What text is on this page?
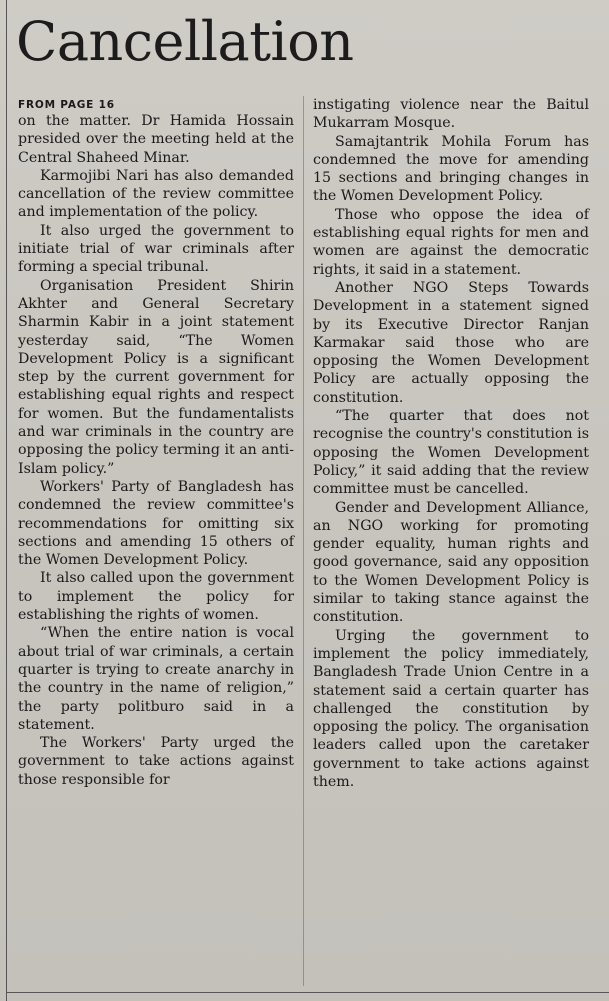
Cancellation
FROM PAGE 16

on the matter. Dr Hamida Hossain presided over the meeting held at the Central Shaheed Minar.

Karmojibi Nari has also demanded cancellation of the review committee and implementation of the policy.

It also urged the government to initiate trial of war criminals after forming a special tribunal.

Organisation President Shirin Akhter and General Secretary Sharmin Kabir in a joint statement yesterday said, “The Women Development Policy is a significant step by the current government for establishing equal rights and respect for women. But the fundamentalists and war criminals in the country are opposing the policy terming it an anti-Islam policy.”

Workers' Party of Bangladesh has condemned the review committee's recommendations for omitting six sections and amending 15 others of the Women Development Policy.

It also called upon the government to implement the policy for establishing the rights of women.

“When the entire nation is vocal about trial of war criminals, a certain quarter is trying to create anarchy in the country in the name of religion,” the party politburo said in a statement.

The Workers' Party urged the government to take actions against those responsible for

instigating violence near the Baitul Mukarram Mosque.

Samajtantrik Mohila Forum has condemned the move for amending 15 sections and bringing changes in the Women Development Policy.

Those who oppose the idea of establishing equal rights for men and women are against the democratic rights, it said in a statement.

Another NGO Steps Towards Development in a statement signed by its Executive Director Ranjan Karmakar said those who are opposing the Women Development Policy are actually opposing the constitution.

“The quarter that does not recognise the country's constitution is opposing the Women Development Policy,” it said adding that the review committee must be cancelled.

Gender and Development Alliance, an NGO working for promoting gender equality, human rights and good governance, said any opposition to the Women Development Policy is similar to taking stance against the constitution.

Urging the government to implement the policy immediately, Bangladesh Trade Union Centre in a statement said a certain quarter has challenged the constitution by opposing the policy. The organisation leaders called upon the caretaker government to take actions against them.
